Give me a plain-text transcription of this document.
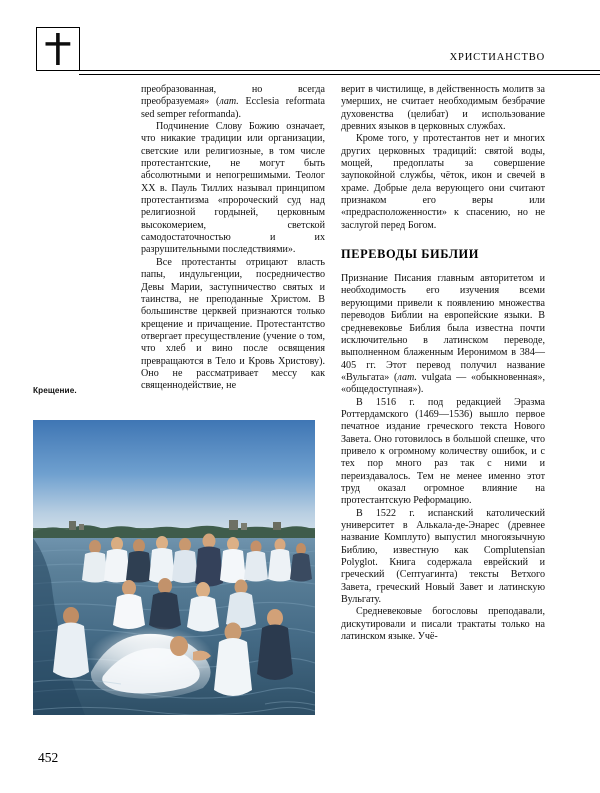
ХРИСТИАНСТВО

преобразованная, но всегда преобразуемая» (лат. Ecclesia reformata sed semper reformanda).

Подчинение Слову Божию означает, что никакие традиции или организации, светские или религиозные, в том числе протестантские, не могут быть абсолютными и непогрешимыми. Теолог XX в. Пауль Тиллих называл принципом протестантизма «пророческий суд над религиозной гордыней, церковным высокомерием, светской самодостаточностью и их разрушительными последствиями».

Все протестанты отрицают власть папы, индульгенции, посредничество Девы Марии, заступничество святых и таинства, не преподанные Христом. В большинстве церквей признаются только крещение и причащение. Протестантство отвергает пресуществление (учение о том, что хлеб и вино после освящения превращаются в Тело и Кровь Христову). Оно не рассматривает мессу как священнодействие, не

верит в чистилище, в действенность молитв за умерших, не считает необходимым безбрачие духовенства (целибат) и использование древних языков в церковных службах.

Кроме того, у протестантов нет и многих других церковных традиций: святой воды, мощей, предоплаты за совершение заупокойной службы, чёток, икон и свечей в храме. Добрые дела верующего они считают признаком его веры или «предрасположенности» к спасению, но не заслугой перед Богом.

ПЕРЕВОДЫ БИБЛИИ

Признание Писания главным авторитетом и необходимость его изучения всеми верующими привели к появлению множества переводов Библии на европейские языки. В средневековье Библия была известна почти исключительно в латинском переводе, выполненном блаженным Иеронимом в 384—405 гг. Этот перевод получил название «Вульгата» (лат. vulgata — «обыкновенная», «общедоступная»).

В 1516 г. под редакцией Эразма Роттердамского (1469—1536) вышло первое печатное издание греческого текста Нового Завета. Оно готовилось в большой спешке, что привело к огромному количеству ошибок, и с тех пор много раз так с ними и переиздавалось. Тем не менее именно этот труд оказал огромное влияние на протестантскую Реформацию.

В 1522 г. испанский католический университет в Алькала-де-Энарес (древнее название Комплуто) выпустил многоязычную Библию, известную как Complutensian Polyglot. Книга содержала еврейский и греческий (Септуагинта) тексты Ветхого Завета, греческий Новый Завет и латинскую Вульгату.

Средневековые богословы преподавали, дискутировали и писали трактаты только на латинском языке. Учё-

Крещение.
452
